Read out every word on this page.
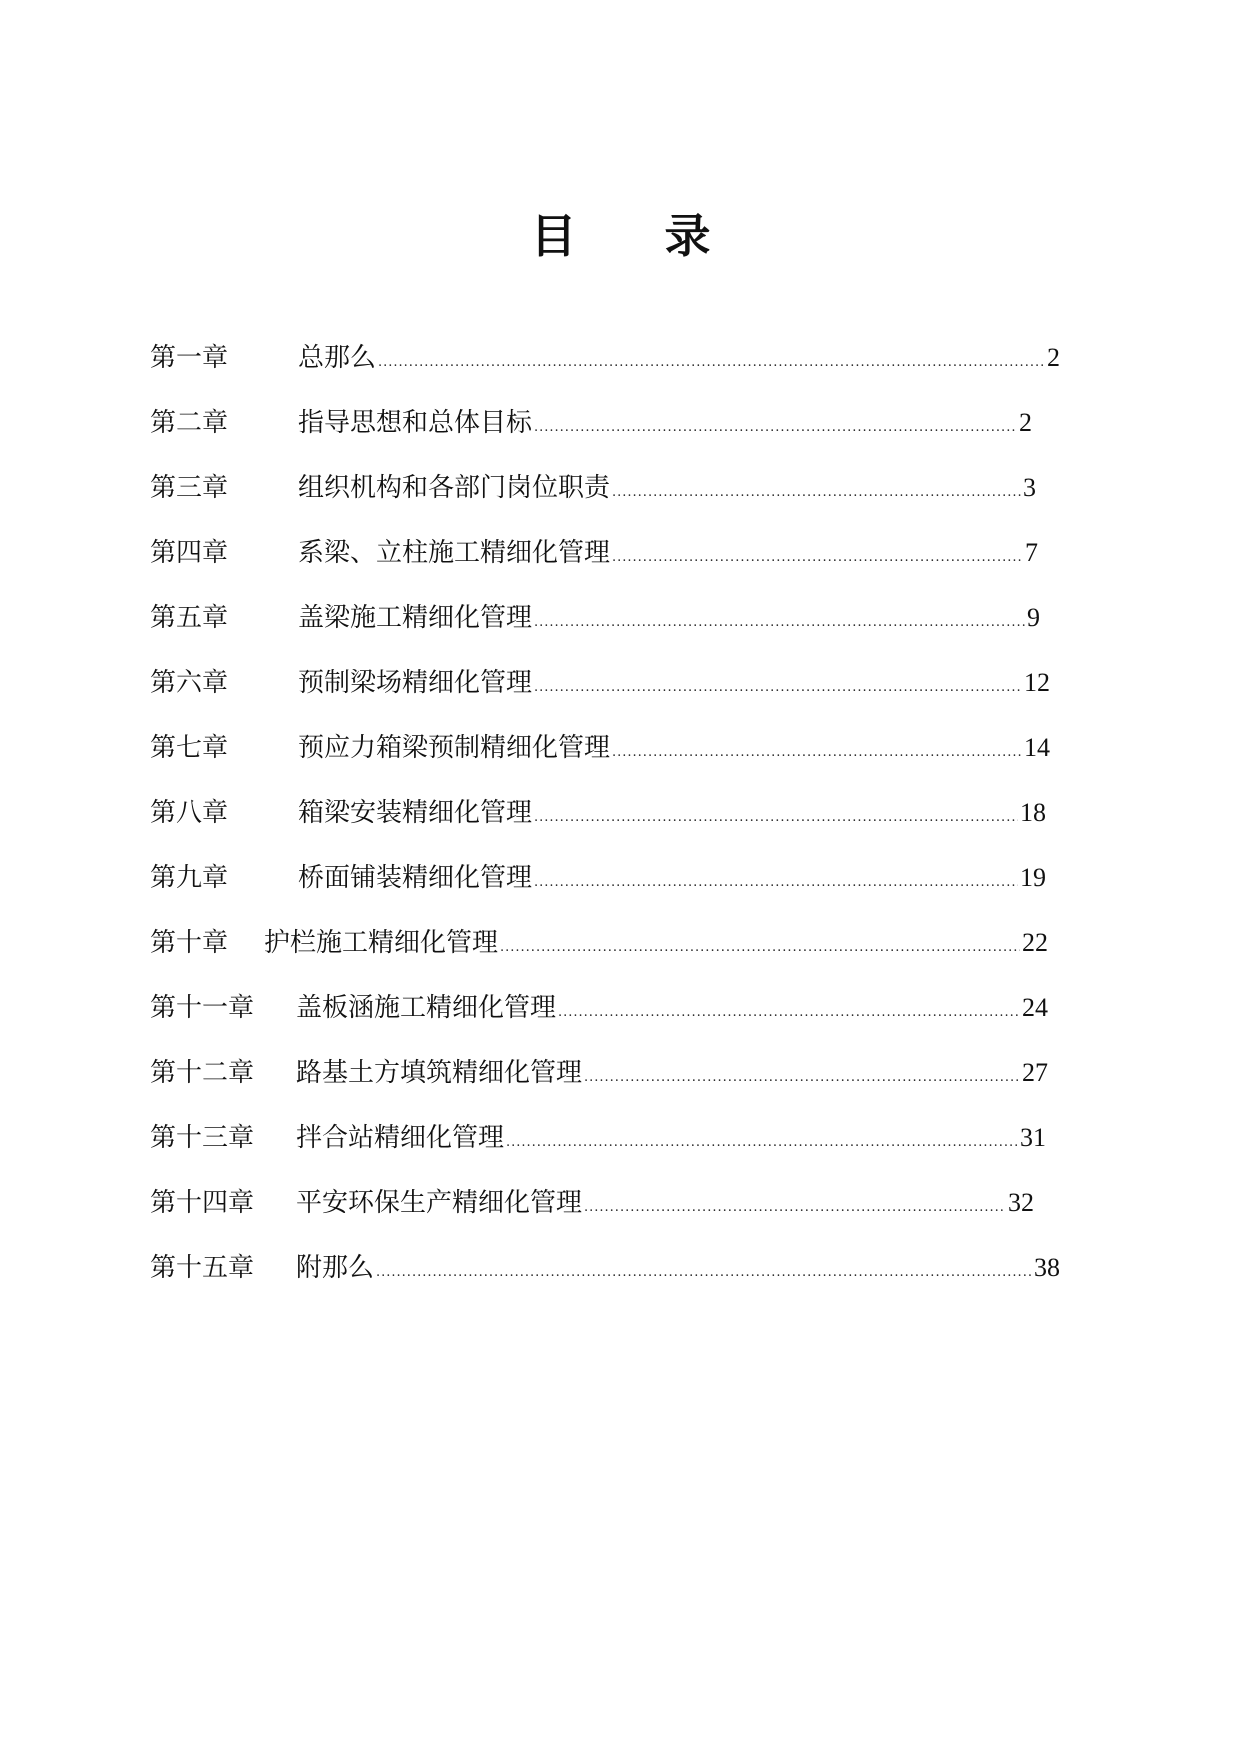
目 录
第一章	总那么 .....	2
第二章	指导思想和总体目标 .....	2
第三章	组织机构和各部门岗位职责 .....	3
第四章	系梁、立柱施工精细化管理 .....	7
第五章	盖梁施工精细化管理 .....	9
第六章	预制梁场精细化管理 .....	12
第七章	预应力箱梁预制精细化管理 .....	14
第八章	箱梁安装精细化管理 .....	18
第九章	桥面铺装精细化管理 .....	19
第十章	护栏施工精细化管理 .....	22
第十一章	盖板涵施工精细化管理 .....	24
第十二章	路基土方填筑精细化管理 .....	27
第十三章	拌合站精细化管理 .....	31
第十四章	平安环保生产精细化管理 .....	32
第十五章	附那么 .....	38
